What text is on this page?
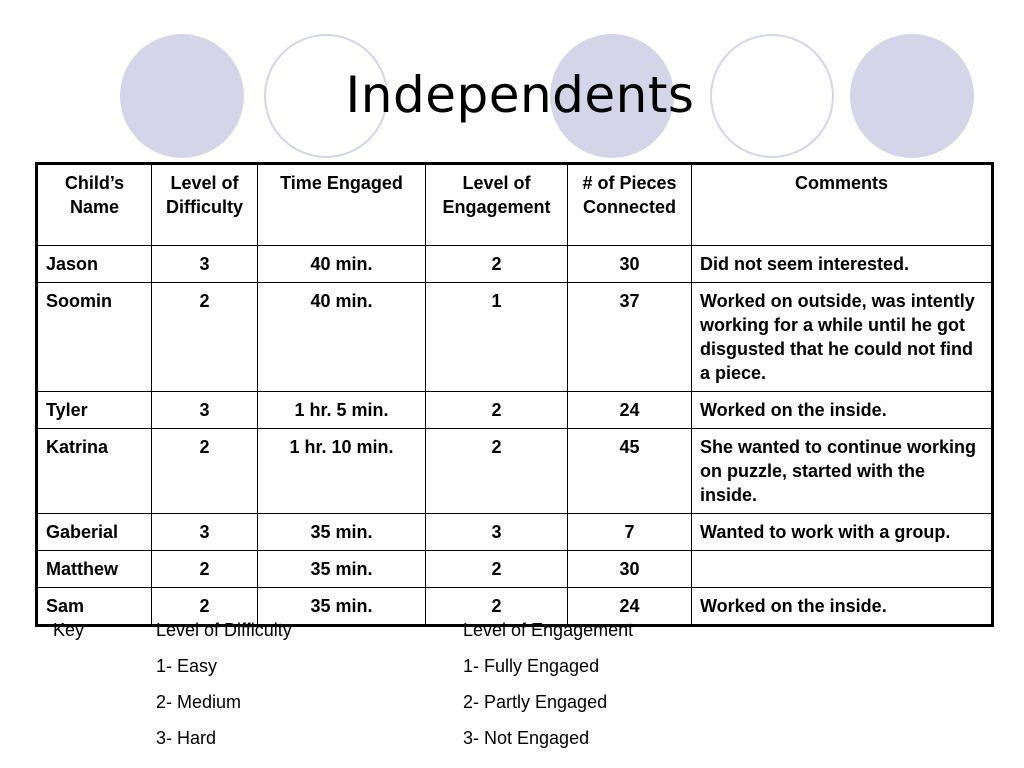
Independents
Child’s Name	Level of Difficulty	Time Engaged	Level of Engagement	# of Pieces Connected	Comments
Jason	3	40 min.	2	30	Did not seem interested.
Soomin	2	40 min.	1	37	Worked on outside, was intently working for a while until he got disgusted that he could not find a piece.
Tyler	3	1 hr. 5 min.	2	24	Worked on the inside.
Katrina	2	1 hr. 10 min.	2	45	She wanted to continue working on puzzle, started with the inside.
Gaberial	3	35 min.	3	7	Wanted to work with a group.
Matthew	2	35 min.	2	30	
Sam	2	35 min.	2	24	Worked on the inside.
Key	Level of Difficulty
1- Easy
2- Medium
3- Hard
Level of Engagement
1- Fully Engaged
2- Partly Engaged
3- Not Engaged
